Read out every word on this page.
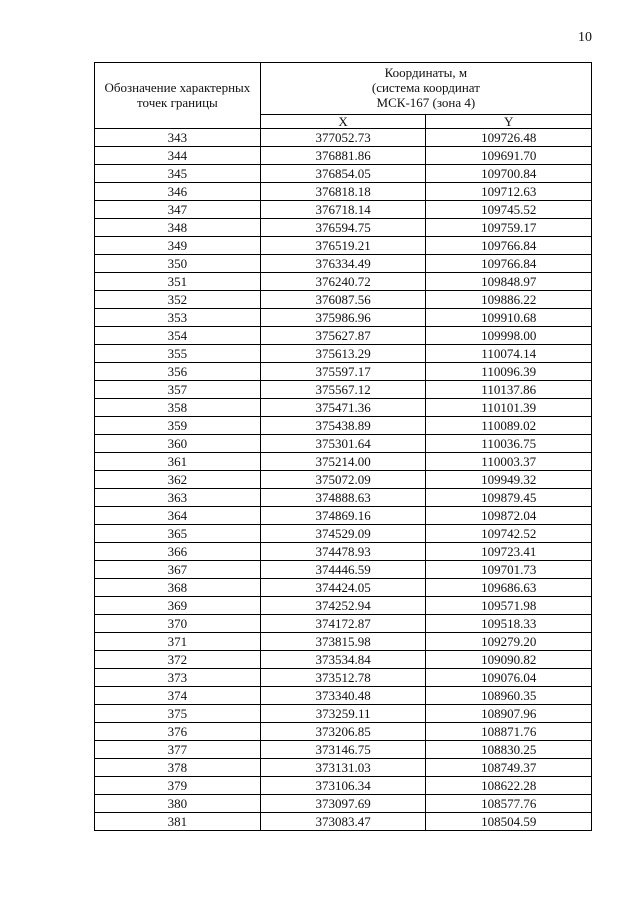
10
Обозначение характерных точек границы	Координаты, м
(система координат
МСК-167 (зона 4)	

	X	Y
343	377052.73	109726.48
344	376881.86	109691.70
345	376854.05	109700.84
346	376818.18	109712.63
347	376718.14	109745.52
348	376594.75	109759.17
349	376519.21	109766.84
350	376334.49	109766.84
351	376240.72	109848.97
352	376087.56	109886.22
353	375986.96	109910.68
354	375627.87	109998.00
355	375613.29	110074.14
356	375597.17	110096.39
357	375567.12	110137.86
358	375471.36	110101.39
359	375438.89	110089.02
360	375301.64	110036.75
361	375214.00	110003.37
362	375072.09	109949.32
363	374888.63	109879.45
364	374869.16	109872.04
365	374529.09	109742.52
366	374478.93	109723.41
367	374446.59	109701.73
368	374424.05	109686.63
369	374252.94	109571.98
370	374172.87	109518.33
371	373815.98	109279.20
372	373534.84	109090.82
373	373512.78	109076.04
374	373340.48	108960.35
375	373259.11	108907.96
376	373206.85	108871.76
377	373146.75	108830.25
378	373131.03	108749.37
379	373106.34	108622.28
380	373097.69	108577.76
381	373083.47	108504.59
